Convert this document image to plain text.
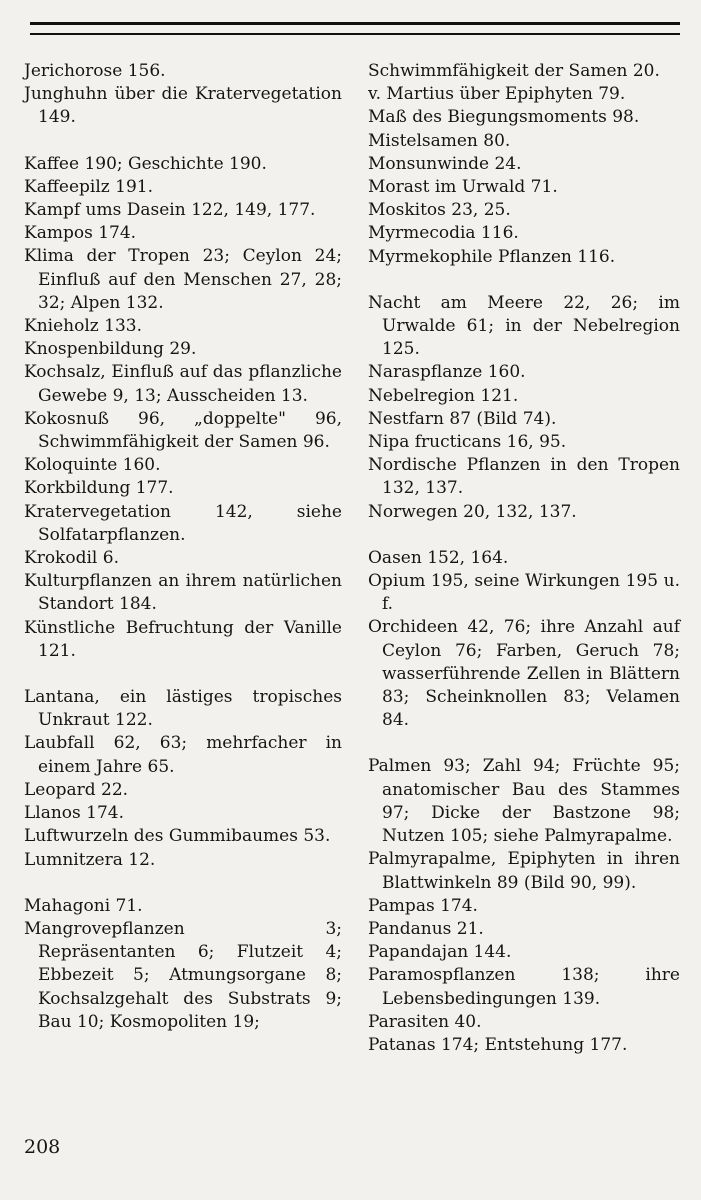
Jerichorose 156.
Junghuhn über die Kratervegetation 149.
Kaffee 190; Geschichte 190.
Kaffeepilz 191.
Kampf ums Dasein 122, 149, 177.
Kampos 174.
Klima der Tropen 23; Ceylon 24; Einfluß auf den Menschen 27, 28; 32; Alpen 132.
Knieholz 133.
Knospenbildung 29.
Kochsalz, Einfluß auf das pflanzliche Gewebe 9, 13; Ausscheiden 13.
Kokosnuß 96, „doppelte" 96, Schwimmfähigkeit der Samen 96.
Koloquinte 160.
Korkbildung 177.
Kratervegetation 142, siehe Solfatarpflanzen.
Krokodil 6.
Kulturpflanzen an ihrem natürlichen Standort 184.
Künstliche Befruchtung der Vanille 121.
Lantana, ein lästiges tropisches Unkraut 122.
Laubfall 62, 63; mehrfacher in einem Jahre 65.
Leopard 22.
Llanos 174.
Luftwurzeln des Gummibaumes 53.
Lumnitzera 12.
Mahagoni 71.
Mangrovepflanzen 3; Repräsentanten 6; Flutzeit 4; Ebbezeit 5; Atmungsorgane 8; Kochsalzgehalt des Substrats 9; Bau 10; Kosmopoliten 19;
Schwimmfähigkeit der Samen 20.
v. Martius über Epiphyten 79.
Maß des Biegungsmoments 98.
Mistelsamen 80.
Monsunwinde 24.
Morast im Urwald 71.
Moskitos 23, 25.
Myrmecodia 116.
Myrmekophile Pflanzen 116.
Nacht am Meere 22, 26; im Urwalde 61; in der Nebelregion 125.
Naraspflanze 160.
Nebelregion 121.
Nestfarn 87 (Bild 74).
Nipa fructicans 16, 95.
Nordische Pflanzen in den Tropen 132, 137.
Norwegen 20, 132, 137.
Oasen 152, 164.
Opium 195, seine Wirkungen 195 u. f.
Orchideen 42, 76; ihre Anzahl auf Ceylon 76; Farben, Geruch 78; wasserführende Zellen in Blättern 83; Scheinknollen 83; Velamen 84.
Palmen 93; Zahl 94; Früchte 95; anatomischer Bau des Stammes 97; Dicke der Bastzone 98; Nutzen 105; siehe Palmyrapalme.
Palmyrapalme, Epiphyten in ihren Blattwinkeln 89 (Bild 90, 99).
Pampas 174.
Pandanus 21.
Papandajan 144.
Paramospflanzen 138; ihre Lebensbedingungen 139.
Parasiten 40.
Patanas 174; Entstehung 177.
208
